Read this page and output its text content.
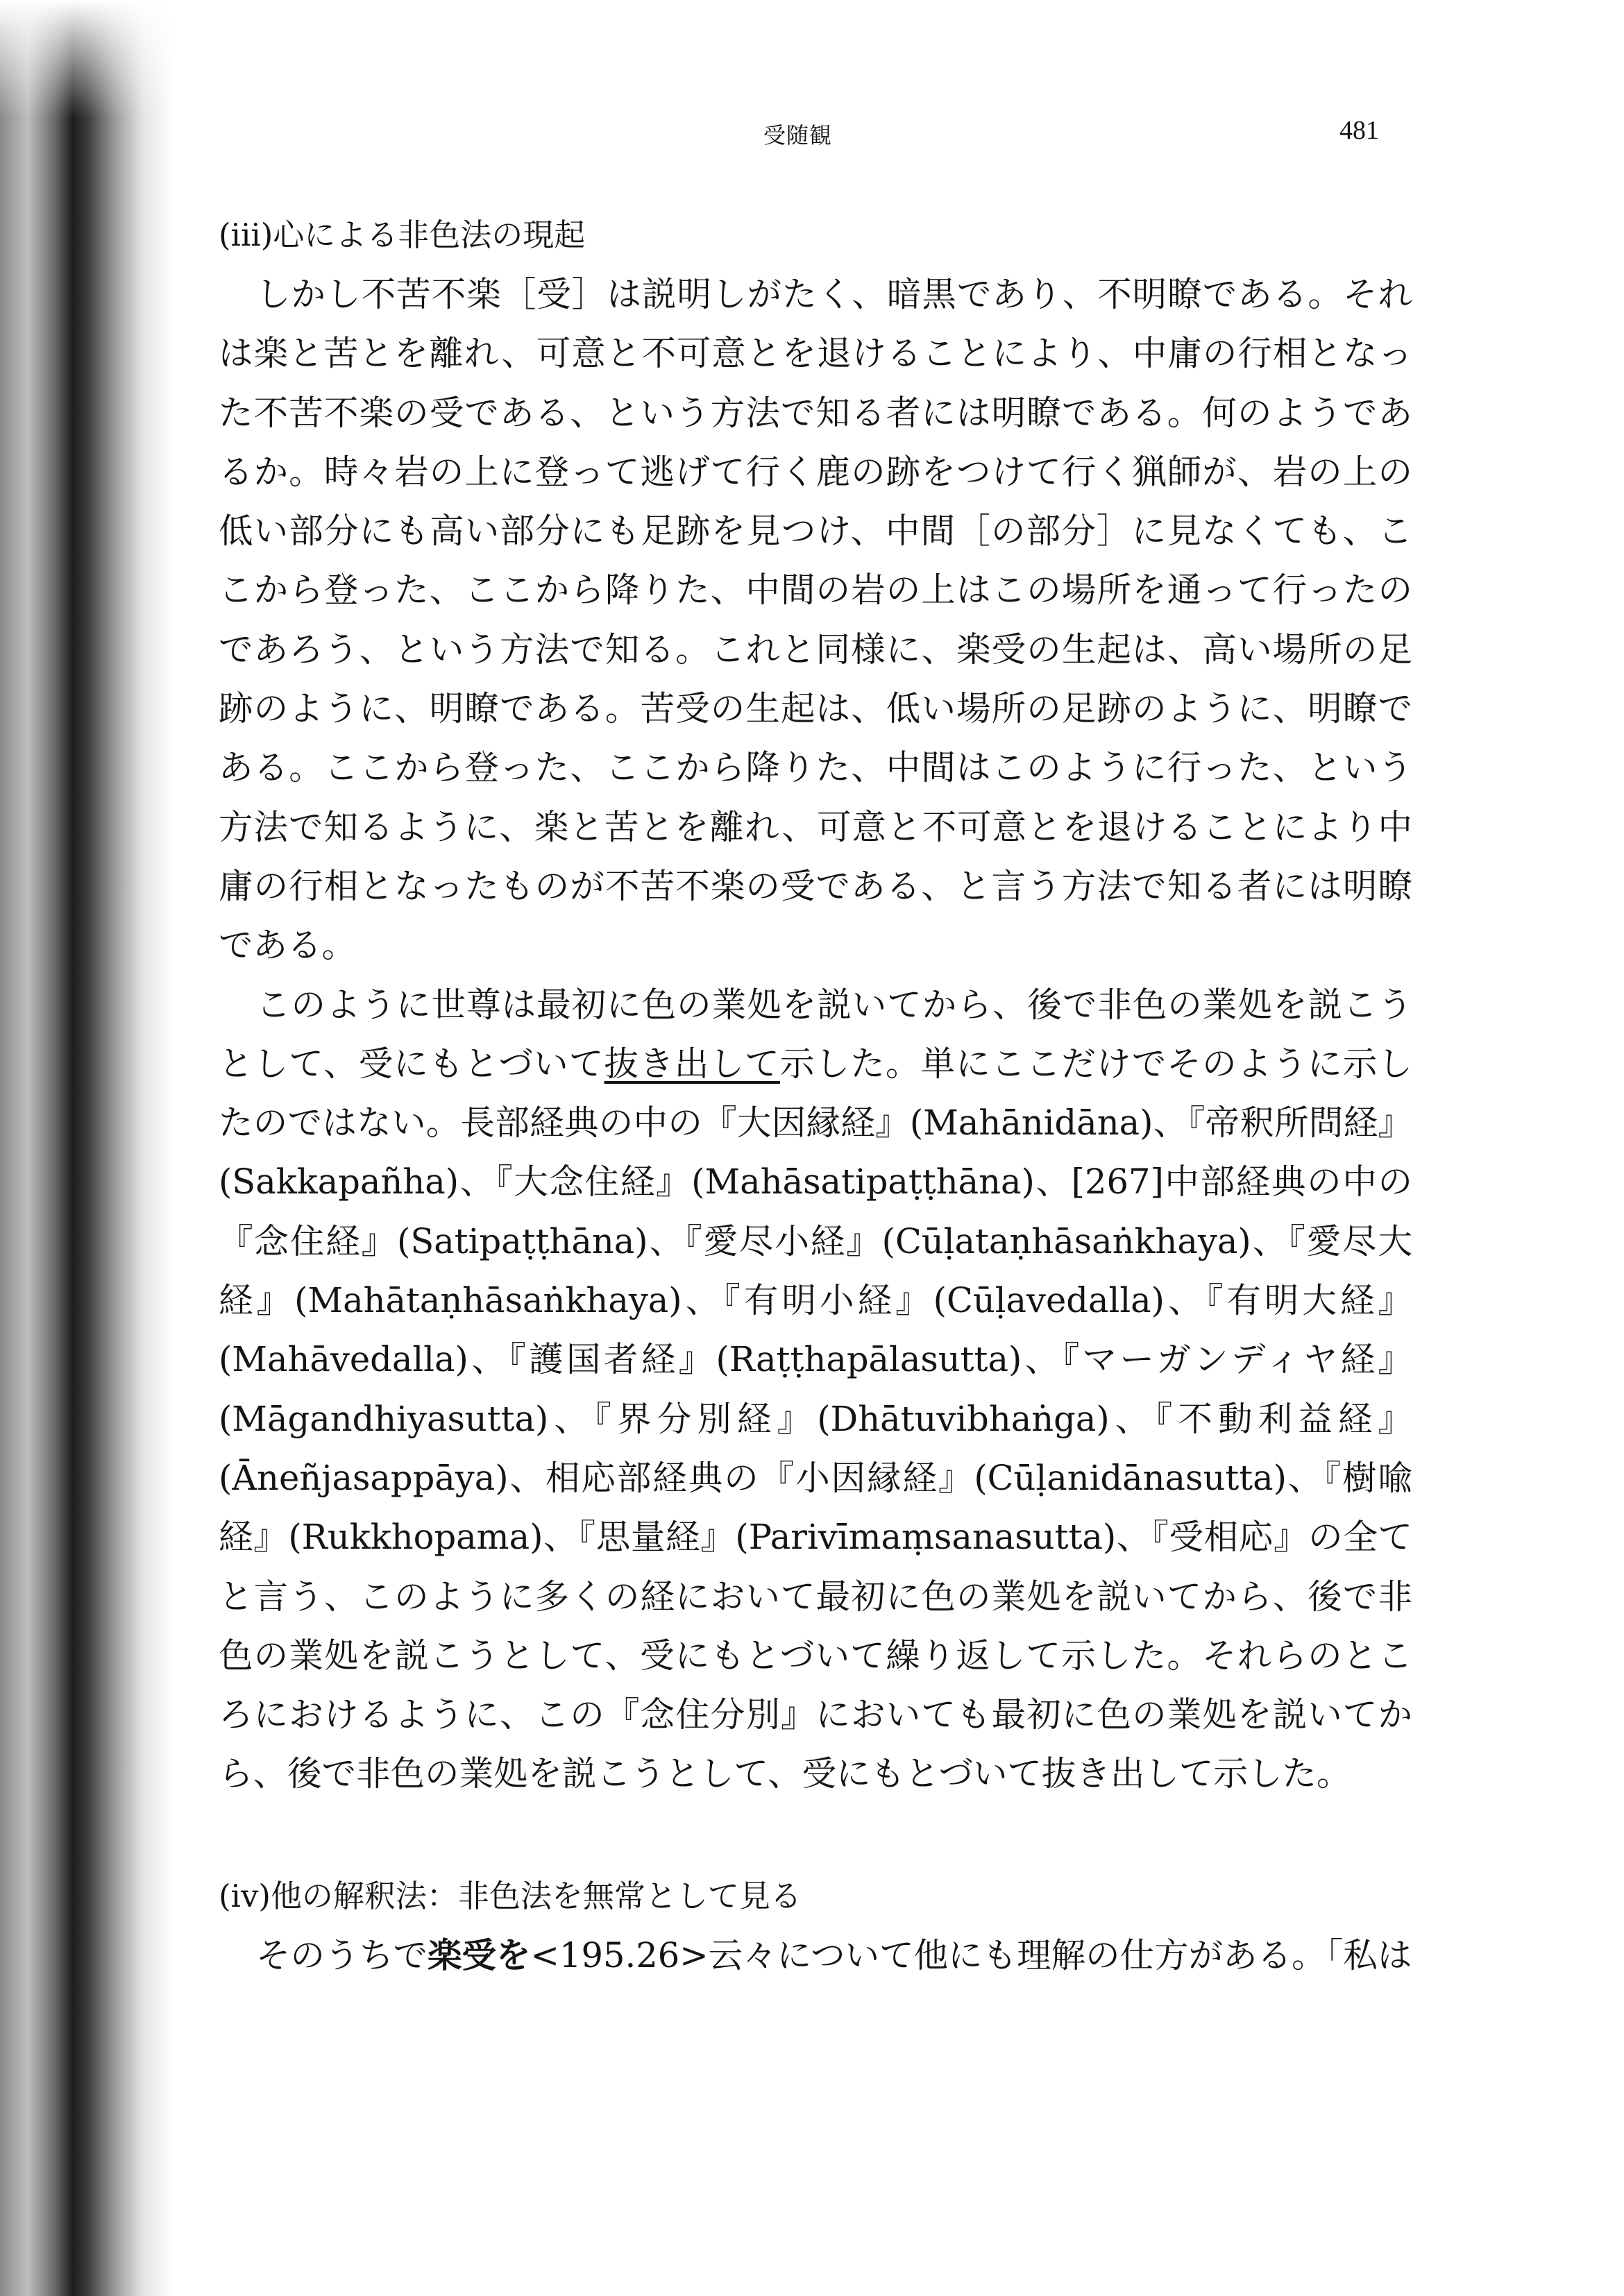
受随観	481
(iii)心による非色法の現起

しかし不苦不楽［受］は説明しがたく、暗黒であり、不明瞭である。それは楽と苦とを離れ、可意と不可意とを退けることにより、中庸の行相となった不苦不楽の受である、という方法で知る者には明瞭である。何のようであるか。時々岩の上に登って逃げて行く鹿の跡をつけて行く猟師が、岩の上の低い部分にも高い部分にも足跡を見つけ、中間［の部分］に見なくても、ここから登った、ここから降りた、中間の岩の上はこの場所を通って行ったのであろう、という方法で知る。これと同様に、楽受の生起は、高い場所の足跡のように、明瞭である。苦受の生起は、低い場所の足跡のように、明瞭である。ここから登った、ここから降りた、中間はこのように行った、という方法で知るように、楽と苦とを離れ、可意と不可意とを退けることにより中庸の行相となったものが不苦不楽の受である、と言う方法で知る者には明瞭である。

このように世尊は最初に色の業処を説いてから、後で非色の業処を説こうとして、受にもとづいて抜き出して示した。単にここだけでそのように示したのではない。長部経典の中の『大因縁経』(Mahānidāna)、『帝釈所問経』(Sakkapañha)、『大念住経』(Mahāsatipaṭṭhāna)、[267]中部経典の中の『念住経』(Satipaṭṭhāna)、『愛尽小経』(Cūḷataṇhāsaṅkhaya)、『愛尽大経』(Mahātaṇhāsaṅkhaya)、『有明小経』(Cūḷavedalla)、『有明大経』(Mahāvedalla)、『護国者経』(Raṭṭhapālasutta)、『マーガンディヤ経』(Māgandhiyasutta)、『界分別経』(Dhātuvibhaṅga)、『不動利益経』(Āneñjasappāya)、相応部経典の『小因縁経』(Cūḷanidānasutta)、『樹喩経』(Rukkhopama)、『思量経』(Parivīmaṃsanasutta)、『受相応』の全てと言う、このように多くの経において最初に色の業処を説いてから、後で非色の業処を説こうとして、受にもとづいて繰り返して示した。それらのところにおけるように、この『念住分別』においても最初に色の業処を説いてから、後で非色の業処を説こうとして、受にもとづいて抜き出して示した。

(iv)他の解釈法：非色法を無常として見る

そのうちで楽受を<195.26>云々について他にも理解の仕方がある。「私は
